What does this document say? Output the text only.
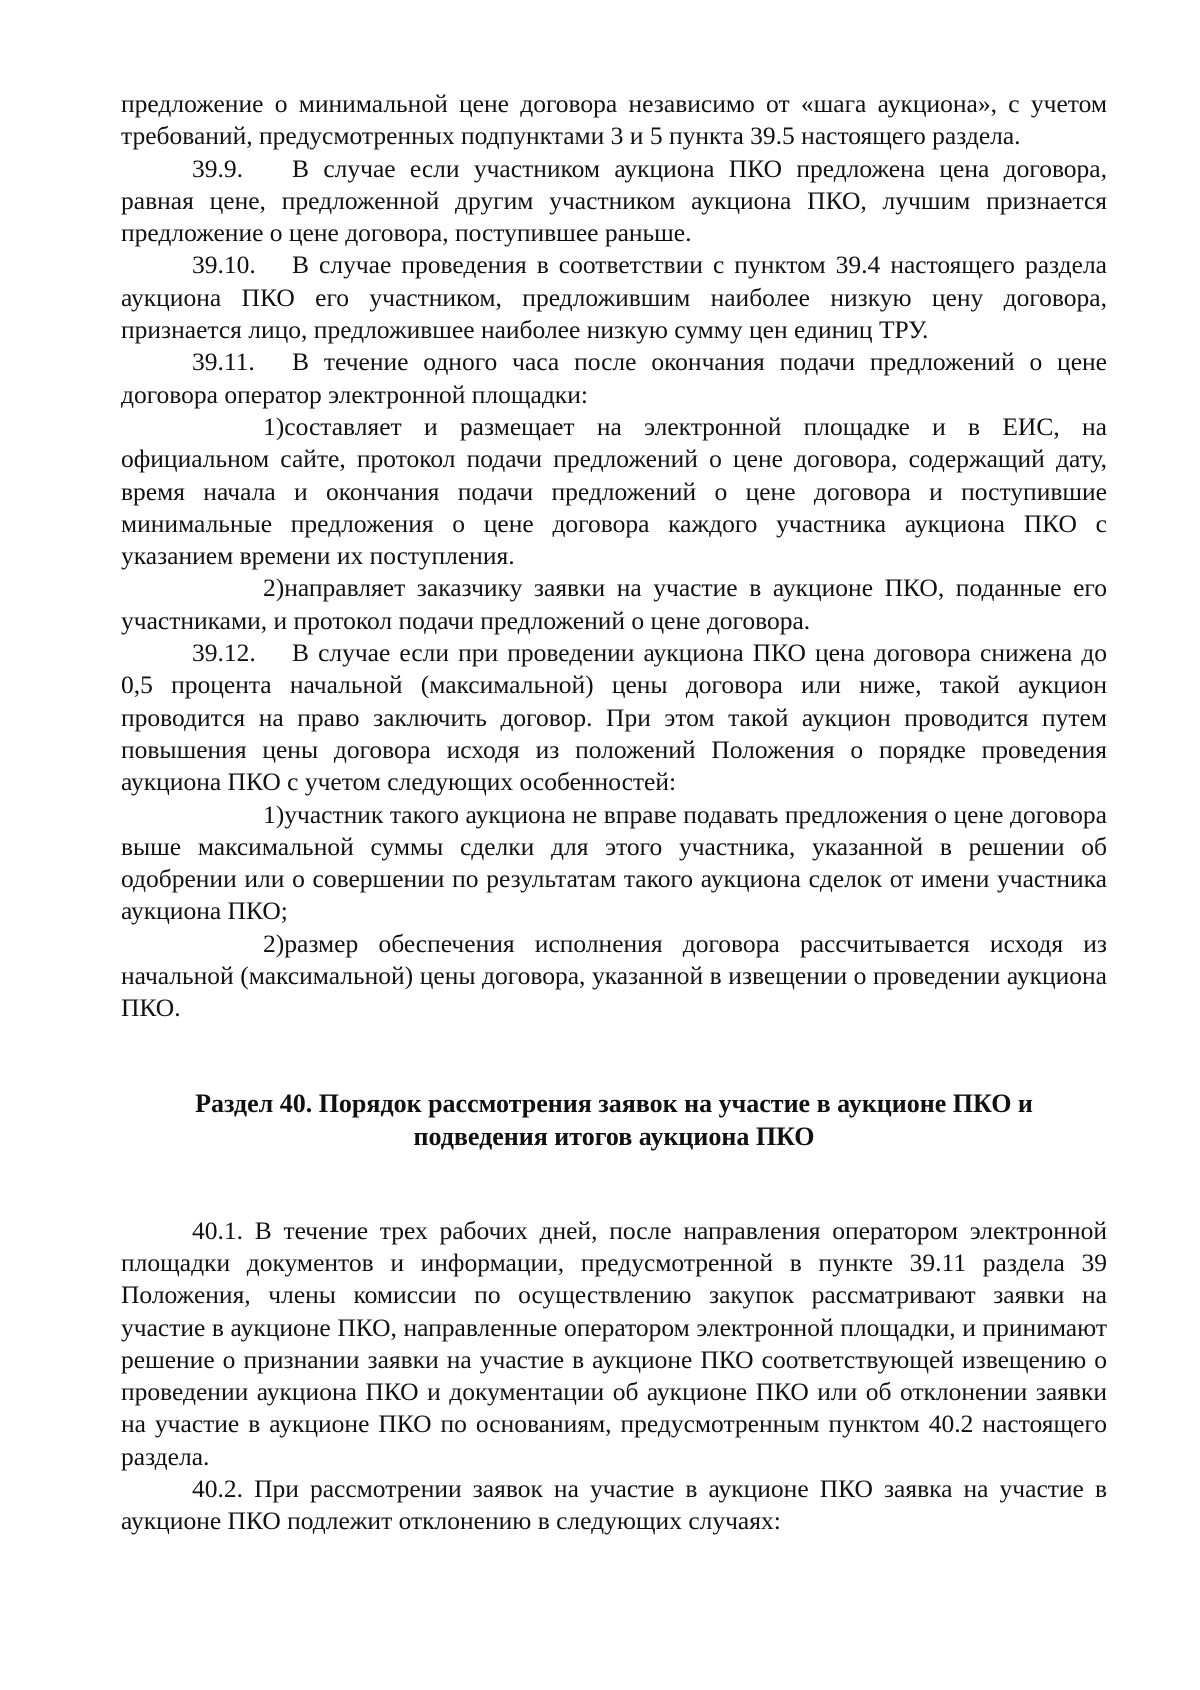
предложение о минимальной цене договора независимо от «шага аукциона», с учетом требований, предусмотренных подпунктами 3 и 5 пункта 39.5 настоящего раздела.

39.9. В случае если участником аукциона ПКО предложена цена договора, равная цене, предложенной другим участником аукциона ПКО, лучшим признается предложение о цене договора, поступившее раньше.

39.10. В случае проведения в соответствии с пунктом 39.4 настоящего раздела аукциона ПКО его участником, предложившим наиболее низкую цену договора, признается лицо, предложившее наиболее низкую сумму цен единиц ТРУ.

39.11. В течение одного часа после окончания подачи предложений о цене договора оператор электронной площадки:

1)составляет и размещает на электронной площадке и в ЕИС, на официальном сайте, протокол подачи предложений о цене договора, содержащий дату, время начала и окончания подачи предложений о цене договора и поступившие минимальные предложения о цене договора каждого участника аукциона ПКО с указанием времени их поступления.

2)направляет заказчику заявки на участие в аукционе ПКО, поданные его участниками, и протокол подачи предложений о цене договора.

39.12. В случае если при проведении аукциона ПКО цена договора снижена до 0,5 процента начальной (максимальной) цены договора или ниже, такой аукцион проводится на право заключить договор. При этом такой аукцион проводится путем повышения цены договора исходя из положений Положения о порядке проведения аукциона ПКО с учетом следующих особенностей:

1)участник такого аукциона не вправе подавать предложения о цене договора выше максимальной суммы сделки для этого участника, указанной в решении об одобрении или о совершении по результатам такого аукциона сделок от имени участника аукциона ПКО;

2)размер обеспечения исполнения договора рассчитывается исходя из начальной (максимальной) цены договора, указанной в извещении о проведении аукциона ПКО.

Раздел 40. Порядок рассмотрения заявок на участие в аукционе ПКО и
подведения итогов аукциона ПКО

40.1. В течение трех рабочих дней, после направления оператором электронной площадки документов и информации, предусмотренной в пункте 39.11 раздела 39 Положения, члены комиссии по осуществлению закупок рассматривают заявки на участие в аукционе ПКО, направленные оператором электронной площадки, и принимают решение о признании заявки на участие в аукционе ПКО соответствующей извещению о проведении аукциона ПКО и документации об аукционе ПКО или об отклонении заявки на участие в аукционе ПКО по основаниям, предусмотренным пунктом 40.2 настоящего раздела.

40.2. При рассмотрении заявок на участие в аукционе ПКО заявка на участие в аукционе ПКО подлежит отклонению в следующих случаях:
